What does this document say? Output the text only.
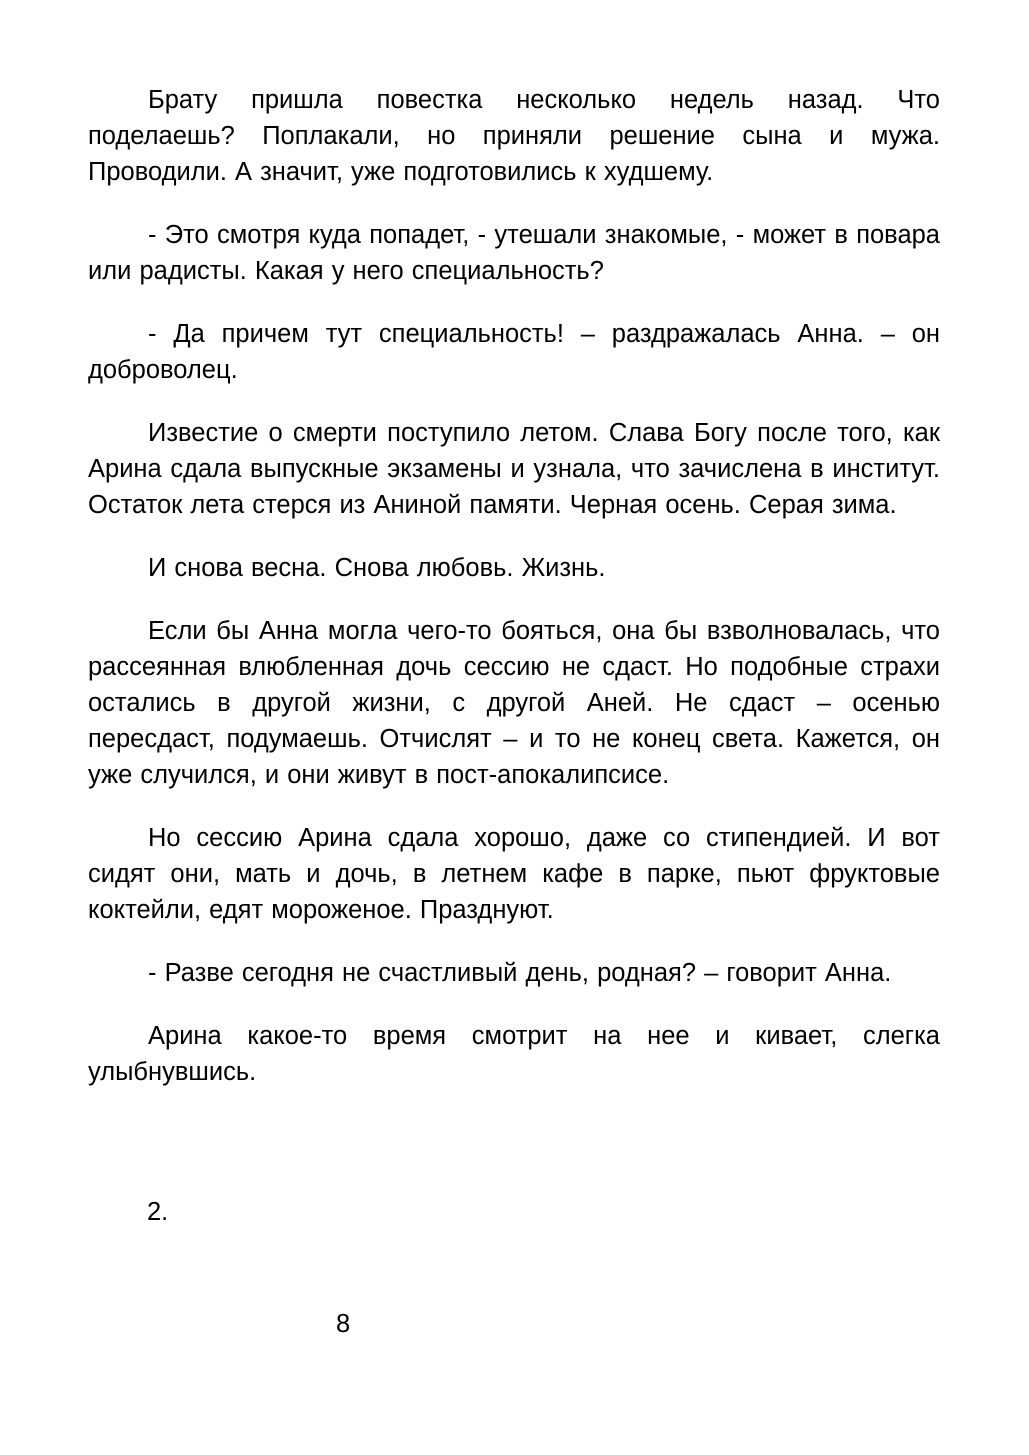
Брату пришла повестка несколько недель назад. Что поделаешь? Поплакали, но приняли решение сына и мужа. Проводили. А значит, уже подготовились к худшему.

- Это смотря куда попадет, - утешали знакомые, - может в повара или радисты. Какая у него специальность?

- Да причем тут специальность! – раздражалась Анна. – он доброволец.

Известие о смерти поступило летом. Слава Богу после того, как Арина сдала выпускные экзамены и узнала, что зачислена в институт. Остаток лета стерся из Аниной памяти. Черная осень. Серая зима.

И снова весна. Снова любовь. Жизнь.

Если бы Анна могла чего-то бояться, она бы взволновалась, что рассеянная влюбленная дочь сессию не сдаст. Но подобные страхи остались в другой жизни, с другой Аней. Не сдаст – осенью пересдаст, подумаешь. Отчислят – и то не конец света. Кажется, он уже случился, и они живут в пост-апокалипсисе.

Но сессию Арина сдала хорошо, даже со стипендией. И вот сидят они, мать и дочь, в летнем кафе в парке, пьют фруктовые коктейли, едят мороженое. Празднуют.

- Разве сегодня не счастливый день, родная? – говорит Анна.

Арина какое-то время смотрит на нее и кивает, слегка улыбнувшись.

2.
8
